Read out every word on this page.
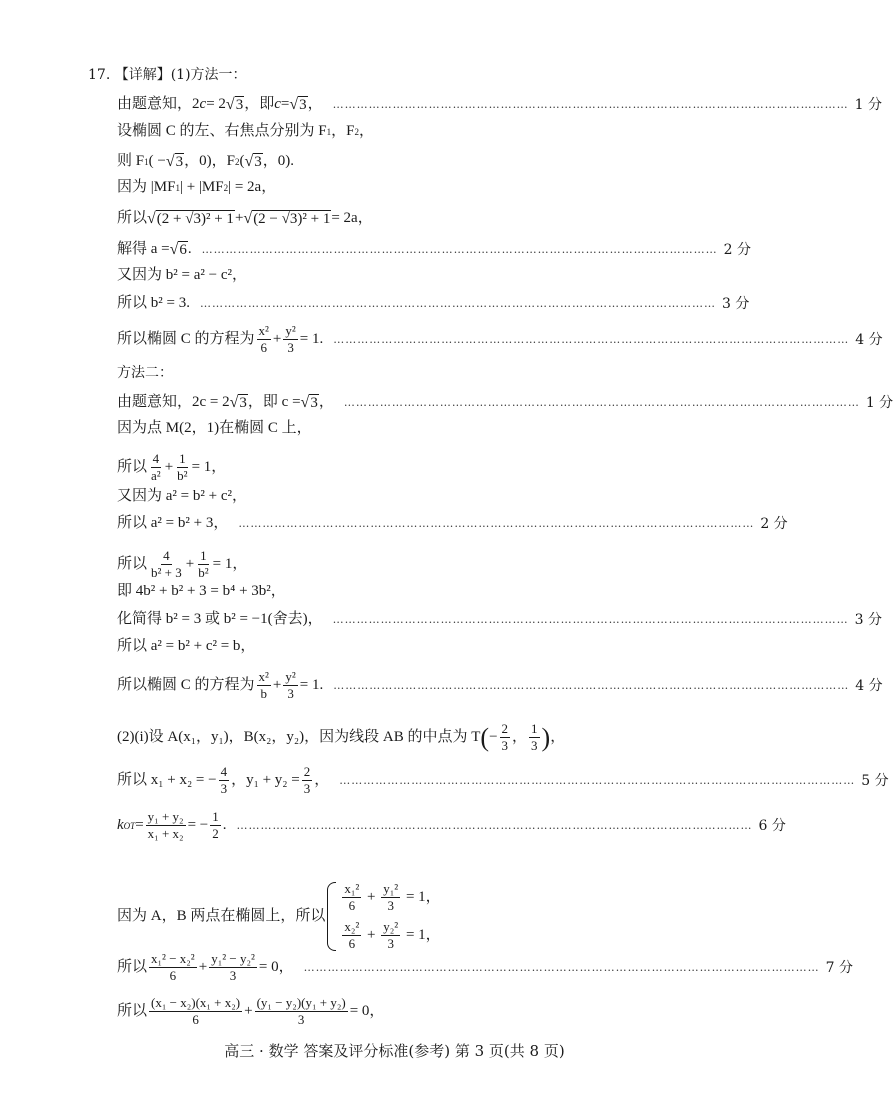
17. 【详解】(1)方法一：
由题意知，2 c = 2 √ 3 ，即 c = √ 3 ， ………………………………………………………………………………………………………………… 1 分
设椭圆 C 的左、右焦点分别为 F 1 ，F 2 ，
则 F 1 ( − √ 3 ，0)，F 2 ( √ 3 ，0).
因为 |MF 1 | + |MF 2 | = 2a，
所以 √ (2 + √3)² + 1 + √ (2 − √3)² + 1 = 2a，
解得 a = √ 6 . ………………………………………………………………………………………………………………… 2 分
又因为 b² = a² − c²，
所以 b² = 3. ………………………………………………………………………………………………………………… 3 分
所以椭圆 C 的方程为 $\frac{\text{x²}}{6} + \frac{\text{y²}}{3} = 1$. ………………………………………………………………………………………………………………… 4 分
方法二：
由题意知，2c = 2 √ 3 ，即 c = √ 3 ， ………………………………………………………………………………………………………………… 1 分
因为点 M(2，1)在椭圆 C 上，
所以 $\frac{4}{\text{a²}} + \frac{1}{\text{b²}} = 1$，
又因为 a² = b² + c²，
所以 a² = b² + 3， ………………………………………………………………………………………………………………… 2 分
所以 $\frac{4}{\text{b² + 3}} + \frac{1}{\text{b²}} = 1$，
即 4b² + b² + 3 = b⁴ + 3b²，
化简得 b² = 3 或 b² = −1(舍去)， ………………………………………………………………………………………………………………… 3 分
所以 a² = b² + c² = b，
所以椭圆 C 的方程为 $\frac{\text{x²}}{b} + \frac{\text{y²}}{3} = 1$. ………………………………………………………………………………………………………………… 4 分
(2)(i)设 A(x₁，y₁)，B(x₂，y₂)，因为线段 AB 的中点为 T ( − $\frac{2}{3}$ ， $\frac{1}{3}$ ) ，
所以 x₁ + x₂ = − $\frac{4}{3}$ ，$y_1 + y_2 = \frac{2}{3}$ ， ………………………………………………………………………………………………………………… 5 分
k OT = $\frac{\text{y₁ + y₂}}{\text{x₁ + x₂}}$ = − $\frac{1}{2}$ . ………………………………………………………………………………………………………………… 6 分
因为 A，B 两点在椭圆上，所以
$\frac{\text{x₁²}}{6} + \frac{\text{y₁²}}{3} = 1$，
$\frac{\text{x₂²}}{6} + \frac{\text{y₂²}}{3} = 1$，
所以 $\frac{\text{x₁² − x₂²}}{6} + \frac{\text{y₁² − y₂²}}{3} = 0$， ………………………………………………………………………………………………………………… 7 分
所以 $\frac{\text{(x₁ − x₂)(x₁ + x₂)}}{6} + \frac{\text{(y₁ − y₂)(y₁ + y₂)}}{3} = 0$，
高三 · 数学 答案及评分标准(参考) 第 3 页(共 8 页)
